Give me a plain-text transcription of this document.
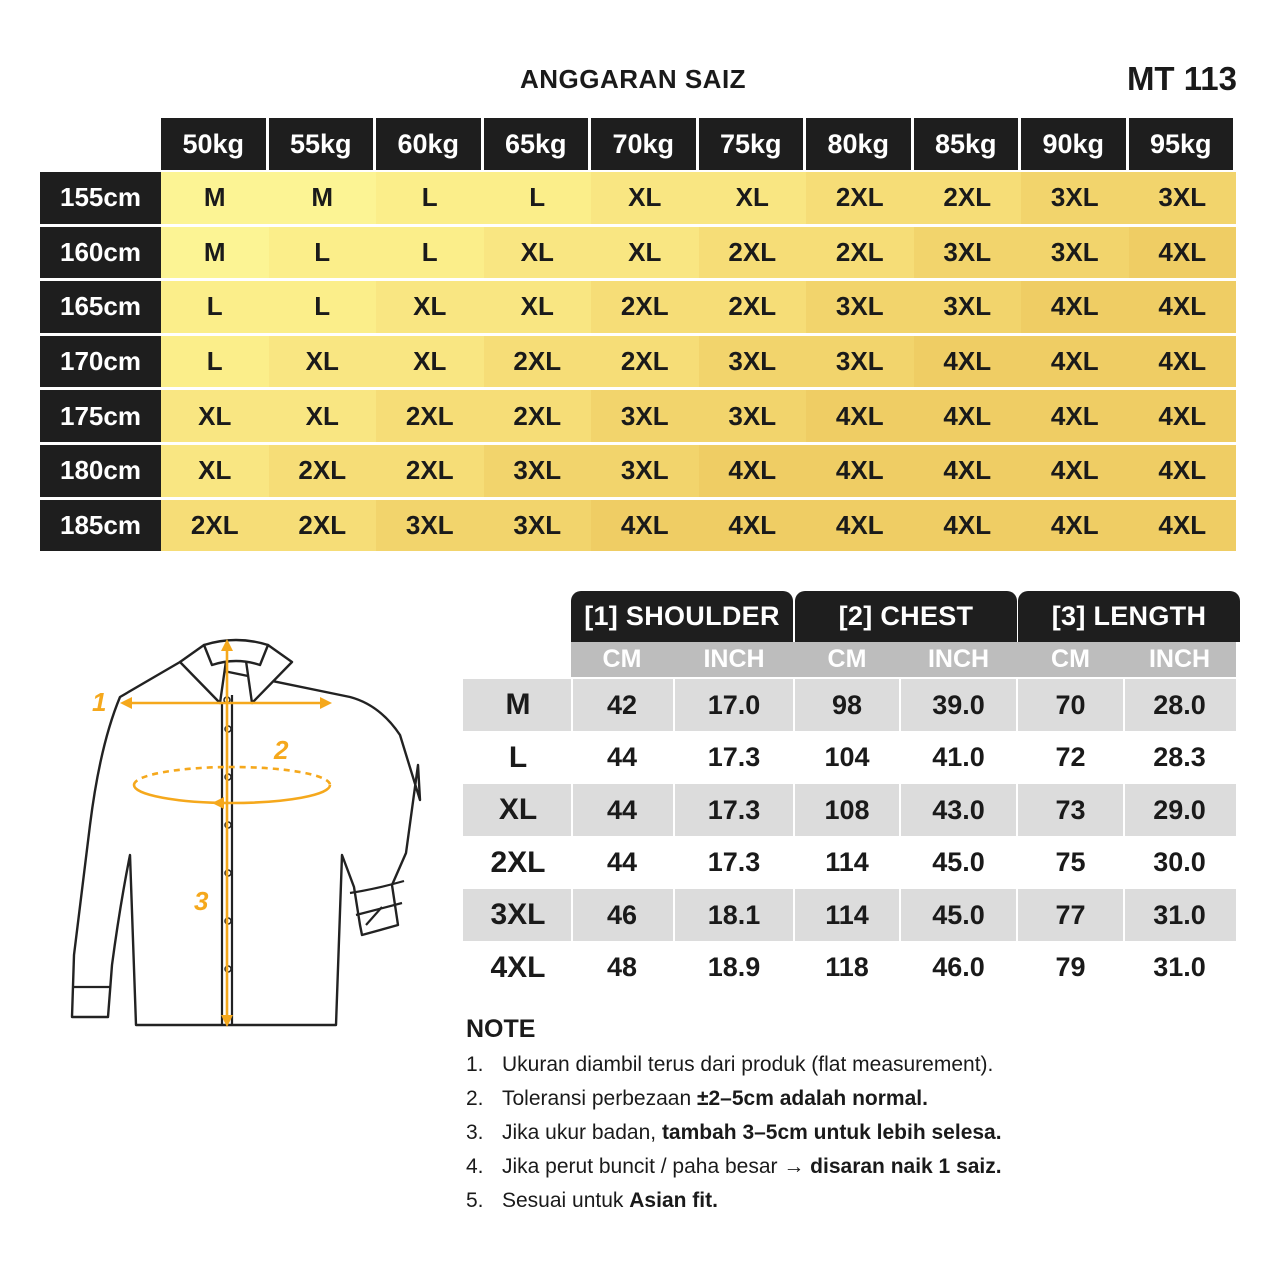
ANGGARAN SAIZ	MT 113
50kg	55kg	60kg	65kg	70kg	75kg	80kg	85kg	90kg	95kg
155cm	M	M	L	L	XL	XL	2XL	2XL	3XL	3XL
160cm	M	L	L	XL	XL	2XL	2XL	3XL	3XL	4XL
165cm	L	L	XL	XL	2XL	2XL	3XL	3XL	4XL	4XL
170cm	L	XL	XL	2XL	2XL	3XL	3XL	4XL	4XL	4XL
175cm	XL	XL	2XL	2XL	3XL	3XL	4XL	4XL	4XL	4XL
180cm	XL	2XL	2XL	3XL	3XL	4XL	4XL	4XL	4XL	4XL
185cm	2XL	2XL	3XL	3XL	4XL	4XL	4XL	4XL	4XL	4XL
1
2
3
[1] SHOULDER	[2] CHEST	[3] LENGTH
CM	INCH	CM	INCH	CM	INCH
M	42	17.0	98	39.0	70	28.0
L	44	17.3	104	41.0	72	28.3
XL	44	17.3	108	43.0	73	29.0
2XL	44	17.3	114	45.0	75	30.0
3XL	46	18.1	114	45.0	77	31.0
4XL	48	18.9	118	46.0	79	31.0
NOTE
1. Ukuran diambil terus dari produk (flat measurement).
2. Toleransi perbezaan ±2–5cm adalah normal.
3. Jika ukur badan, tambah 3–5cm untuk lebih selesa.
4. Jika perut buncit / paha besar → disaran naik 1 saiz.
5. Sesuai untuk Asian fit.
